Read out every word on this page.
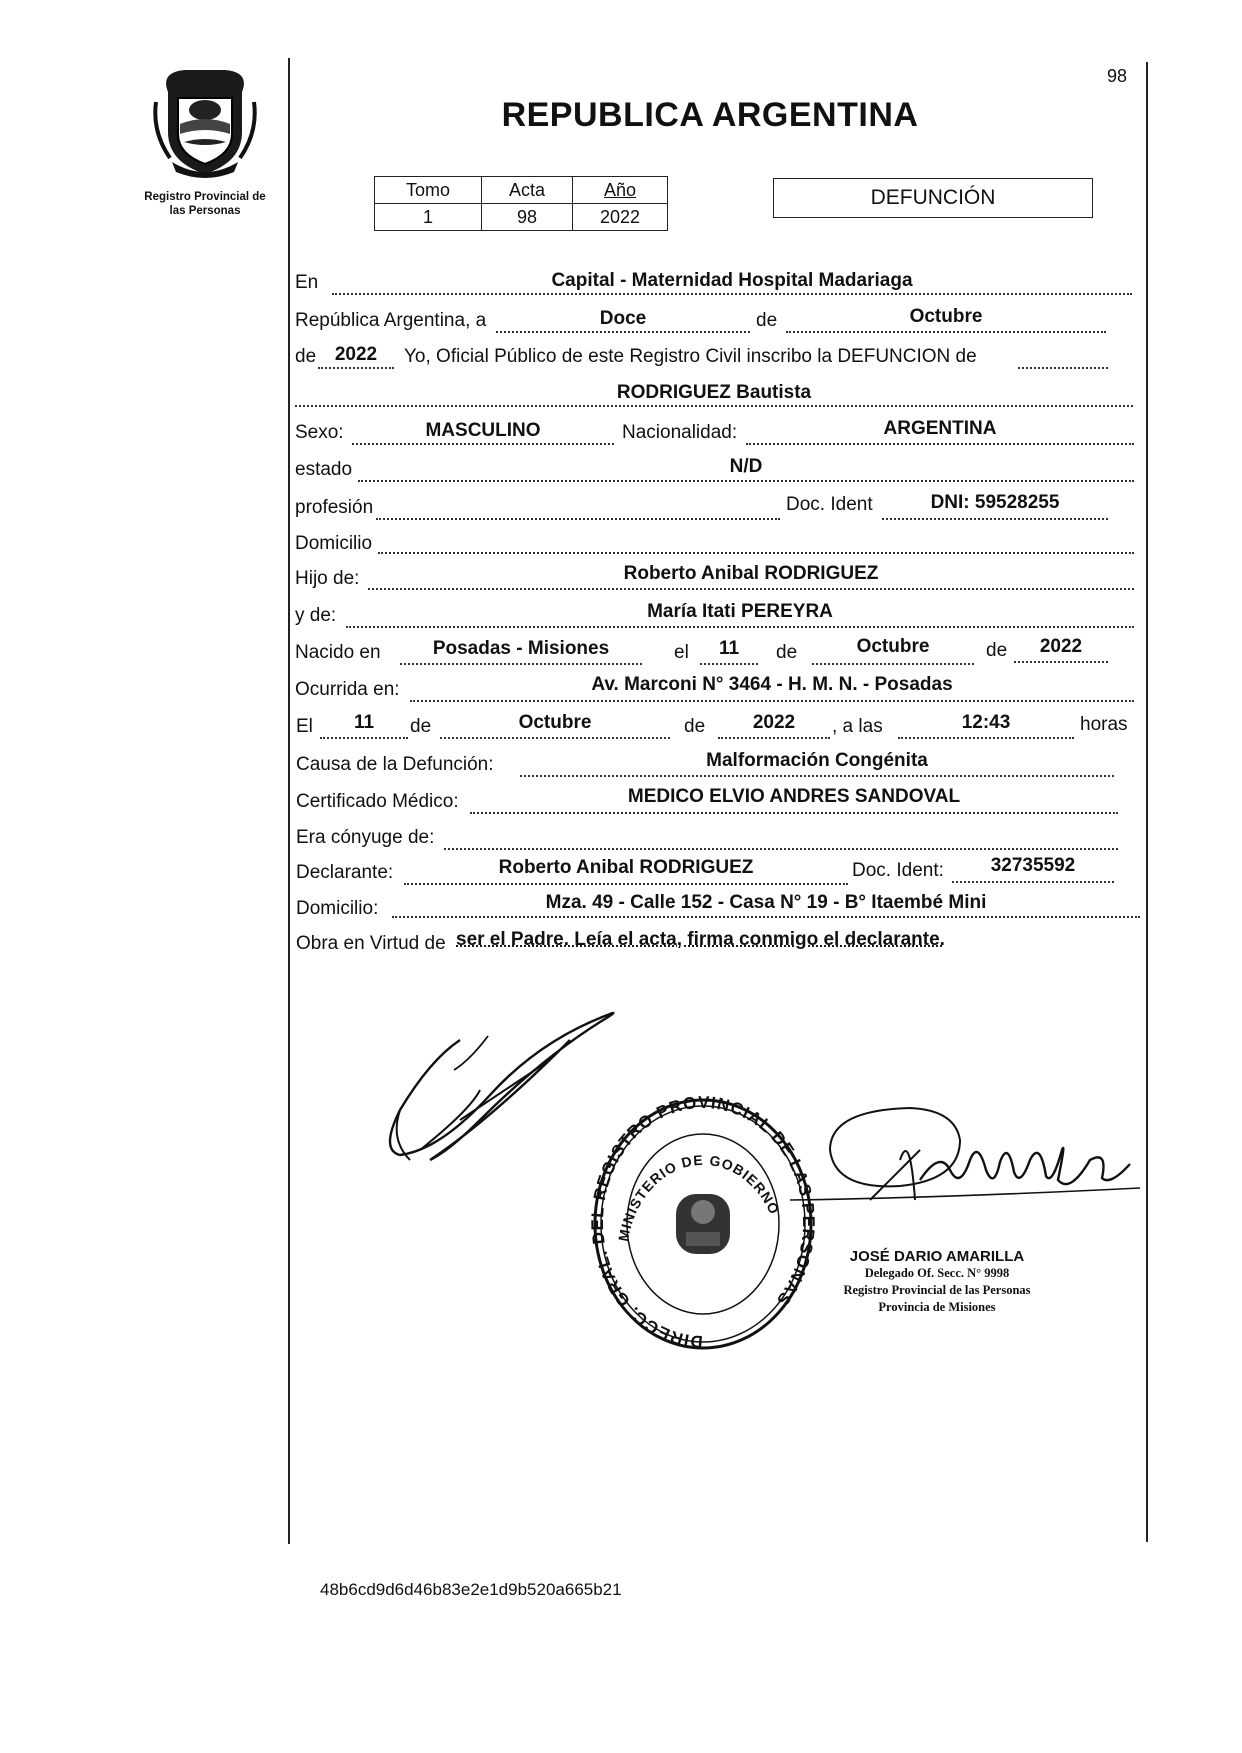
Registro Provincial de
las Personas
98
REPUBLICA ARGENTINA
Tomo	Acta	Año
1	98	2022
DEFUNCIÓN
En	Capital - Maternidad Hospital Madariaga
República Argentina, a	Doce	de	Octubre
de 2022	Yo, Oficial Público de este Registro Civil inscribo la DEFUNCION de
RODRIGUEZ Bautista
Sexo:	MASCULINO	Nacionalidad:	ARGENTINA
estado	N/D
profesión	Doc. Ident	DNI: 59528255
Domicilio
Hijo de:	Roberto Anibal RODRIGUEZ
y de:	María Itati PEREYRA
Nacido en	Posadas - Misiones	el	11	de	Octubre	de	2022
Ocurrida en:	Av. Marconi N° 3464 - H. M. N. - Posadas
El	11	de	Octubre	de	2022	, a las	12:43	horas
Causa de la Defunción:	Malformación Congénita
Certificado Médico:	MEDICO ELVIO ANDRES SANDOVAL
Era cónyuge de:
Declarante:	Roberto Anibal RODRIGUEZ	Doc. Ident:	32735592
Domicilio:	Mza. 49 - Calle 152 - Casa N° 19 - B° Itaembé Mini
Obra en Virtud de ser el Padre. Leía el acta, firma conmigo el declarante.
DIRECC. GRAL. DEL REGISTRO PROVINCIAL DE LAS PERSONAS
MINISTERIO DE GOBIERNO
JOSÉ DARIO AMARILLA
Delegado Of. Secc. N° 9998
Registro Provincial de las Personas
Provincia de Misiones
48b6cd9d6d46b83e2e1d9b520a665b21
